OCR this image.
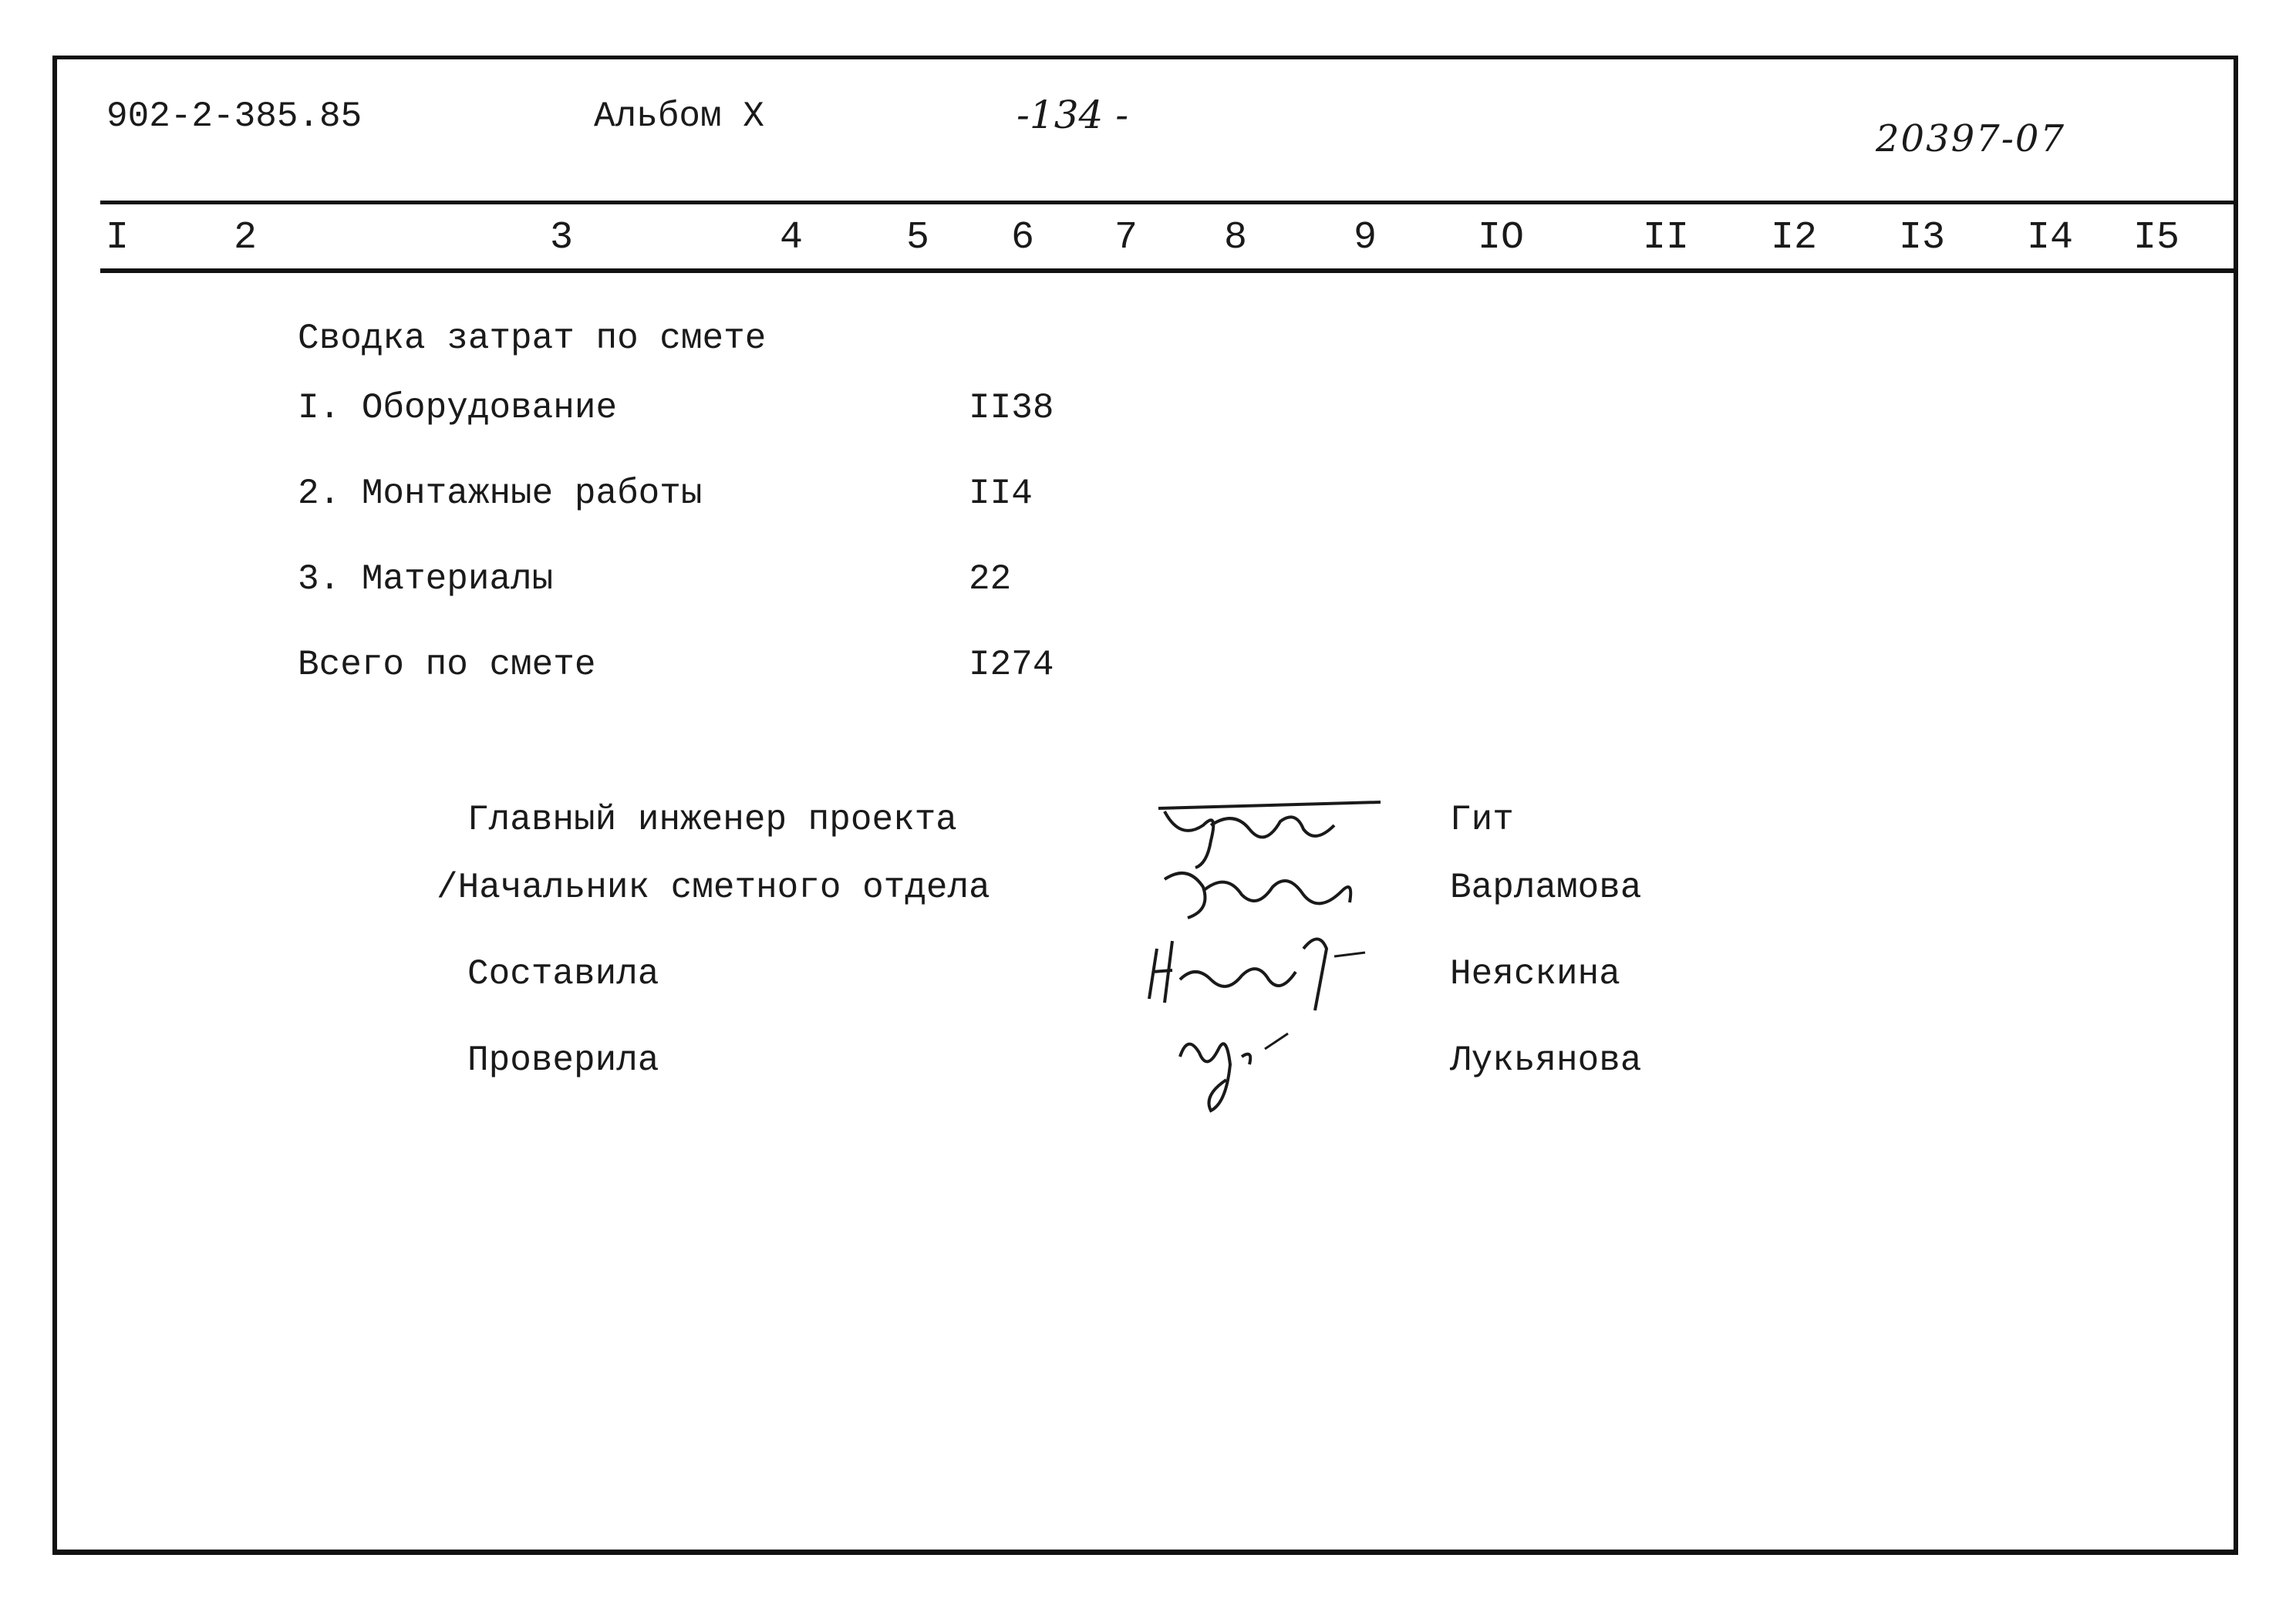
902-2-385.85	Альбом X	-134 -
20397-07
I	2	3	4	5 6 7 8	9	IO	II I2 I3 I4 I5
Сводка затрат по смете
I. Оборудование	II38
2. Монтажные работы	II4
3. Материалы	22
Всего по смете	I274
Главный инженер проекта	Гит
/Начальник сметного отдела	Варламова
Составила	Неяскина
Проверила	Лукьянова
